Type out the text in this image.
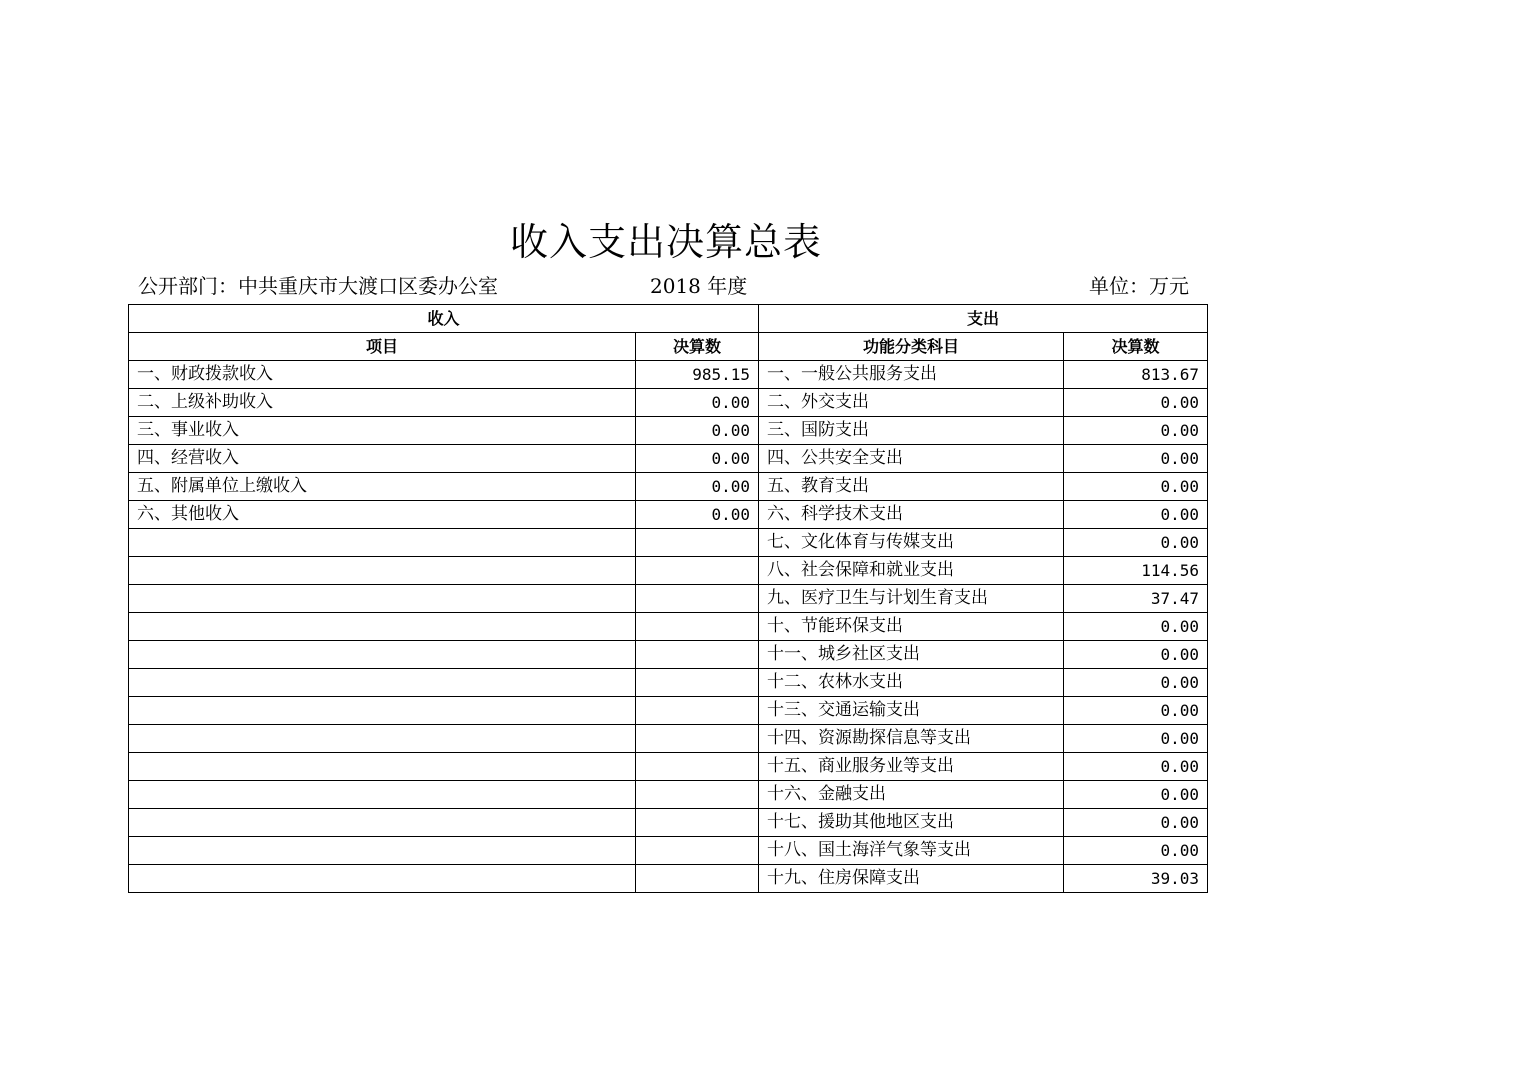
收入支出决算总表
公开部门：中共重庆市大渡口区委办公室	2018 年度	单位：万元
收入		支出	
项目	决算数	功能分类科目	决算数
一、财政拨款收入	985.15	一、一般公共服务支出	813.67
二、上级补助收入	0.00	二、外交支出	0.00
三、事业收入	0.00	三、国防支出	0.00
四、经营收入	0.00	四、公共安全支出	0.00
五、附属单位上缴收入	0.00	五、教育支出	0.00
六、其他收入	0.00	六、科学技术支出	0.00
		七、文化体育与传媒支出	0.00
		八、社会保障和就业支出	114.56
		九、医疗卫生与计划生育支出	37.47
		十、节能环保支出	0.00
		十一、城乡社区支出	0.00
		十二、农林水支出	0.00
		十三、交通运输支出	0.00
		十四、资源勘探信息等支出	0.00
		十五、商业服务业等支出	0.00
		十六、金融支出	0.00
		十七、援助其他地区支出	0.00
		十八、国土海洋气象等支出	0.00
		十九、住房保障支出	39.03
